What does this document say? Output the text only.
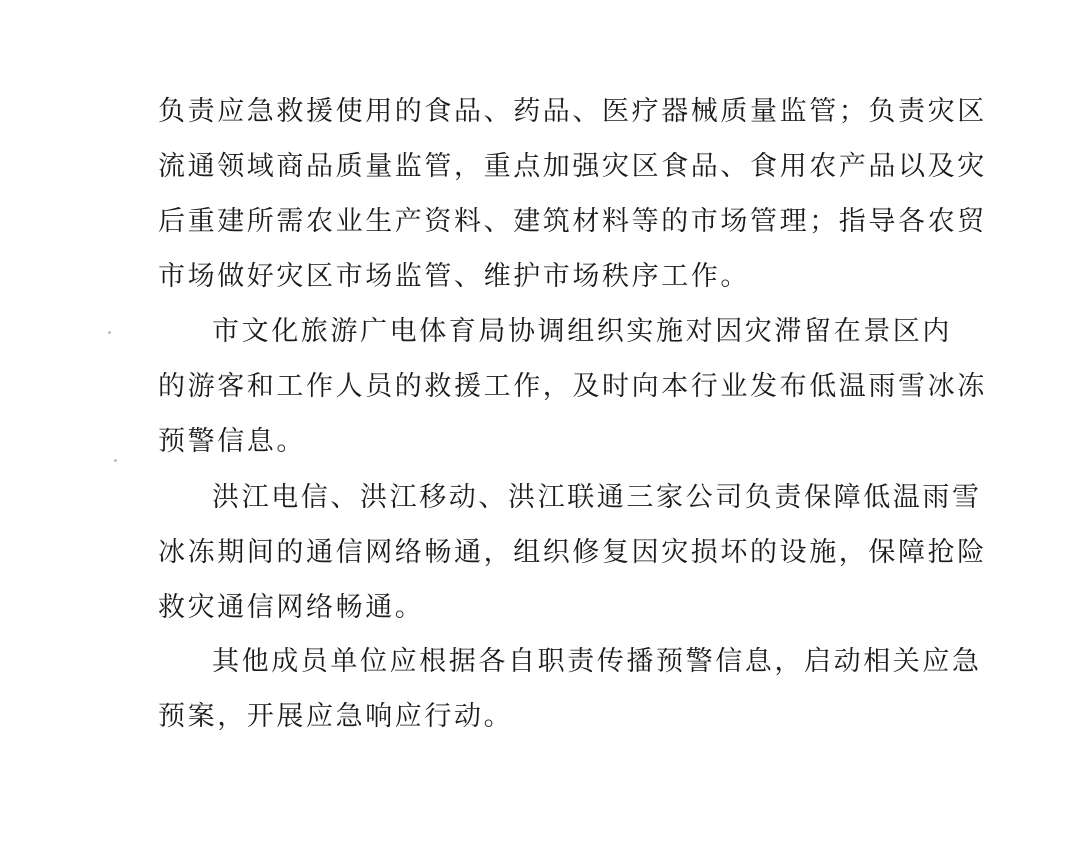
负责应急救援使用的食品、药品、医疗器械质量监管；负责灾区
流通领域商品质量监管，重点加强灾区食品、食用农产品以及灾
后重建所需农业生产资料、建筑材料等的市场管理；指导各农贸
市场做好灾区市场监管、维护市场秩序工作。
市文化旅游广电体育局协调组织实施对因灾滞留在景区内
的游客和工作人员的救援工作，及时向本行业发布低温雨雪冰冻
预警信息。
洪江电信、洪江移动、洪江联通三家公司负责保障低温雨雪
冰冻期间的通信网络畅通，组织修复因灾损坏的设施，保障抢险
救灾通信网络畅通。
其他成员单位应根据各自职责传播预警信息，启动相关应急
预案，开展应急响应行动。
